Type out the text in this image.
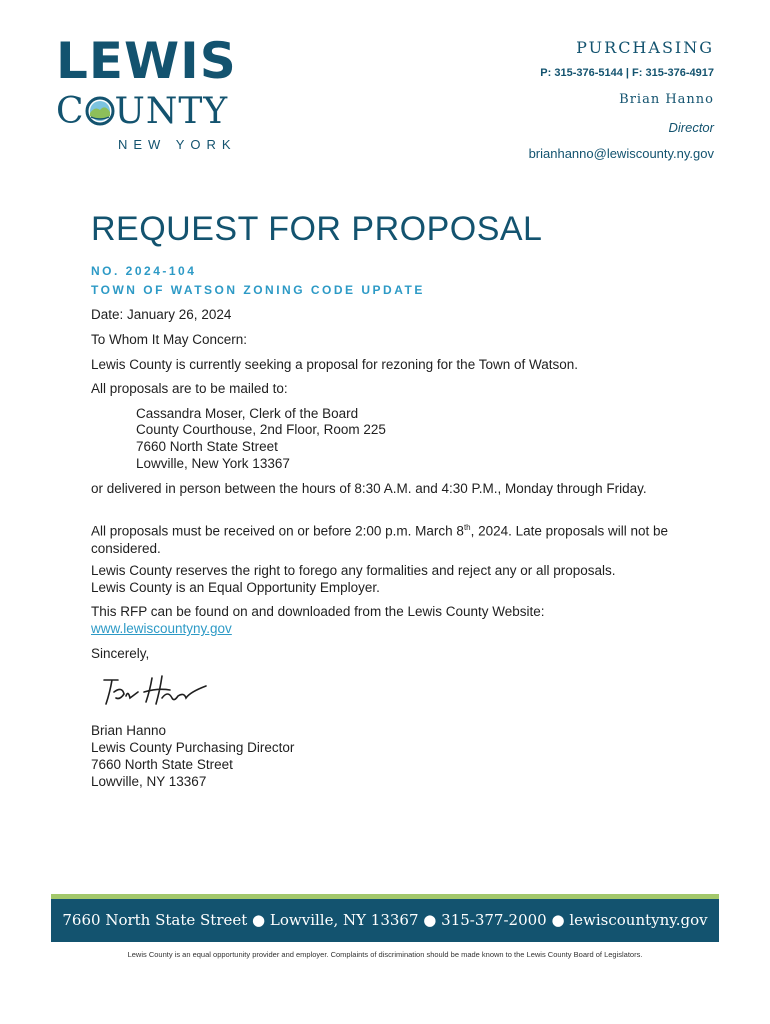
LEWIS
C UNTY
NEW YORK
PURCHASING
P: 315-376-5144 | F: 315-376-4917
Brian Hanno
Director
brianhanno@lewiscounty.ny.gov
REQUEST FOR PROPOSAL
NO. 2024-104
TOWN OF WATSON ZONING CODE UPDATE
Date: January 26, 2024
To Whom It May Concern:
Lewis County is currently seeking a proposal for rezoning for the Town of Watson.
All proposals are to be mailed to:
Cassandra Moser, Clerk of the Board
County Courthouse, 2nd Floor, Room 225
7660 North State Street
Lowville, New York 13367
or delivered in person between the hours of 8:30 A.M. and 4:30 P.M., Monday through Friday.
All proposals must be received on or before 2:00 p.m. March 8th, 2024. Late proposals will not be considered.
Lewis County reserves the right to forego any formalities and reject any or all proposals.
Lewis County is an Equal Opportunity Employer.
This RFP can be found on and downloaded from the Lewis County Website:
www.lewiscountyny.gov
Sincerely,
Brian Hanno
Lewis County Purchasing Director
7660 North State Street
Lowville, NY 13367
7660 North State Street ● Lowville, NY 13367 ● 315-377-2000 ● lewiscountyny.gov
Lewis County is an equal opportunity provider and employer. Complaints of discrimination should be made known to the Lewis County Board of Legislators.
